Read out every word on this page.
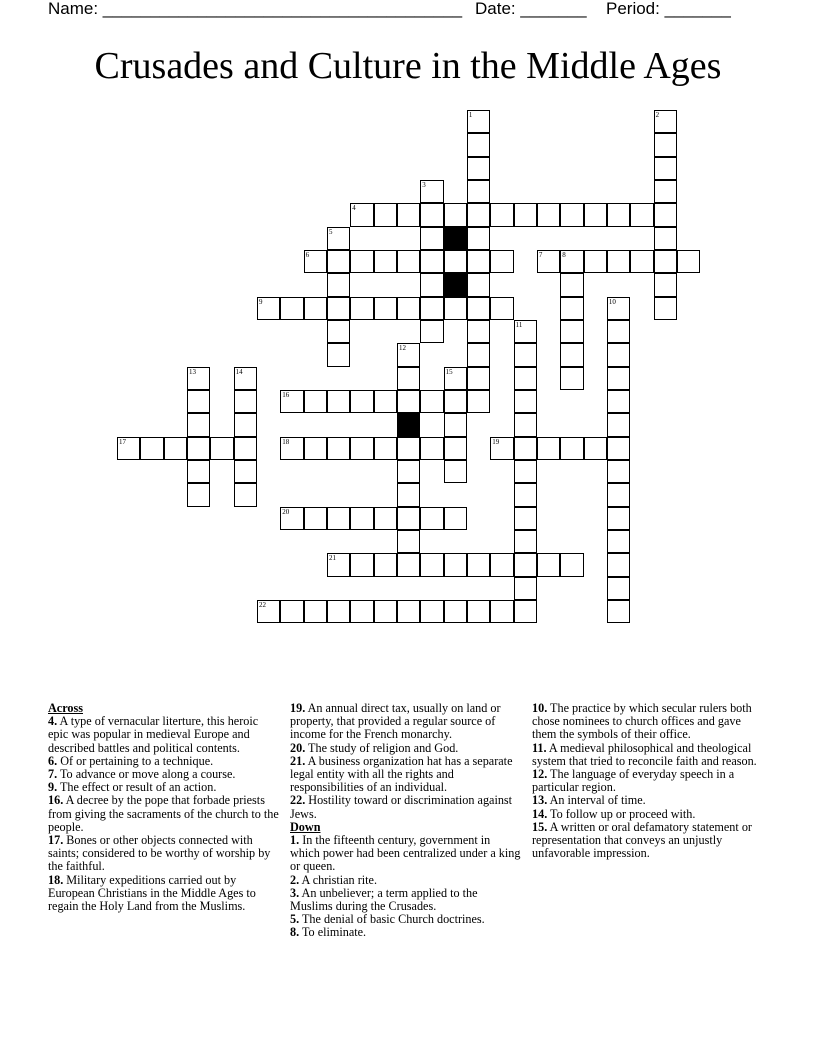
Name: ______________________________________ Date: _______ Period: _______
Crusades and Culture in the Middle Ages
1	2
3
4
5
6	7	8
9	10
11
12
13	14	15
16
17	18	19
20
21
22
Across
4. A type of vernacular literture, this heroic epic was popular in medieval Europe and described battles and political contents.
6. Of or pertaining to a technique.
7. To advance or move along a course.
9. The effect or result of an action.
16. A decree by the pope that forbade priests from giving the sacraments of the church to the people.
17. Bones or other objects connected with saints; considered to be worthy of worship by the faithful.
18. Military expeditions carried out by European Christians in the Middle Ages to regain the Holy Land from the Muslims.
19. An annual direct tax, usually on land or property, that provided a regular source of income for the French monarchy.
20. The study of religion and God.
21. A business organization hat has a separate legal entity with all the rights and responsibilities of an individual.
22. Hostility toward or discrimination against Jews.
Down
1. In the fifteenth century, government in which power had been centralized under a king or queen.
2. A christian rite.
3. An unbeliever; a term applied to the Muslims during the Crusades.
5. The denial of basic Church doctrines.
8. To eliminate.
10. The practice by which secular rulers both chose nominees to church offices and gave them the symbols of their office.
11. A medieval philosophical and theological system that tried to reconcile faith and reason.
12. The language of everyday speech in a particular region.
13. An interval of time.
14. To follow up or proceed with.
15. A written or oral defamatory statement or representation that conveys an unjustly unfavorable impression.
